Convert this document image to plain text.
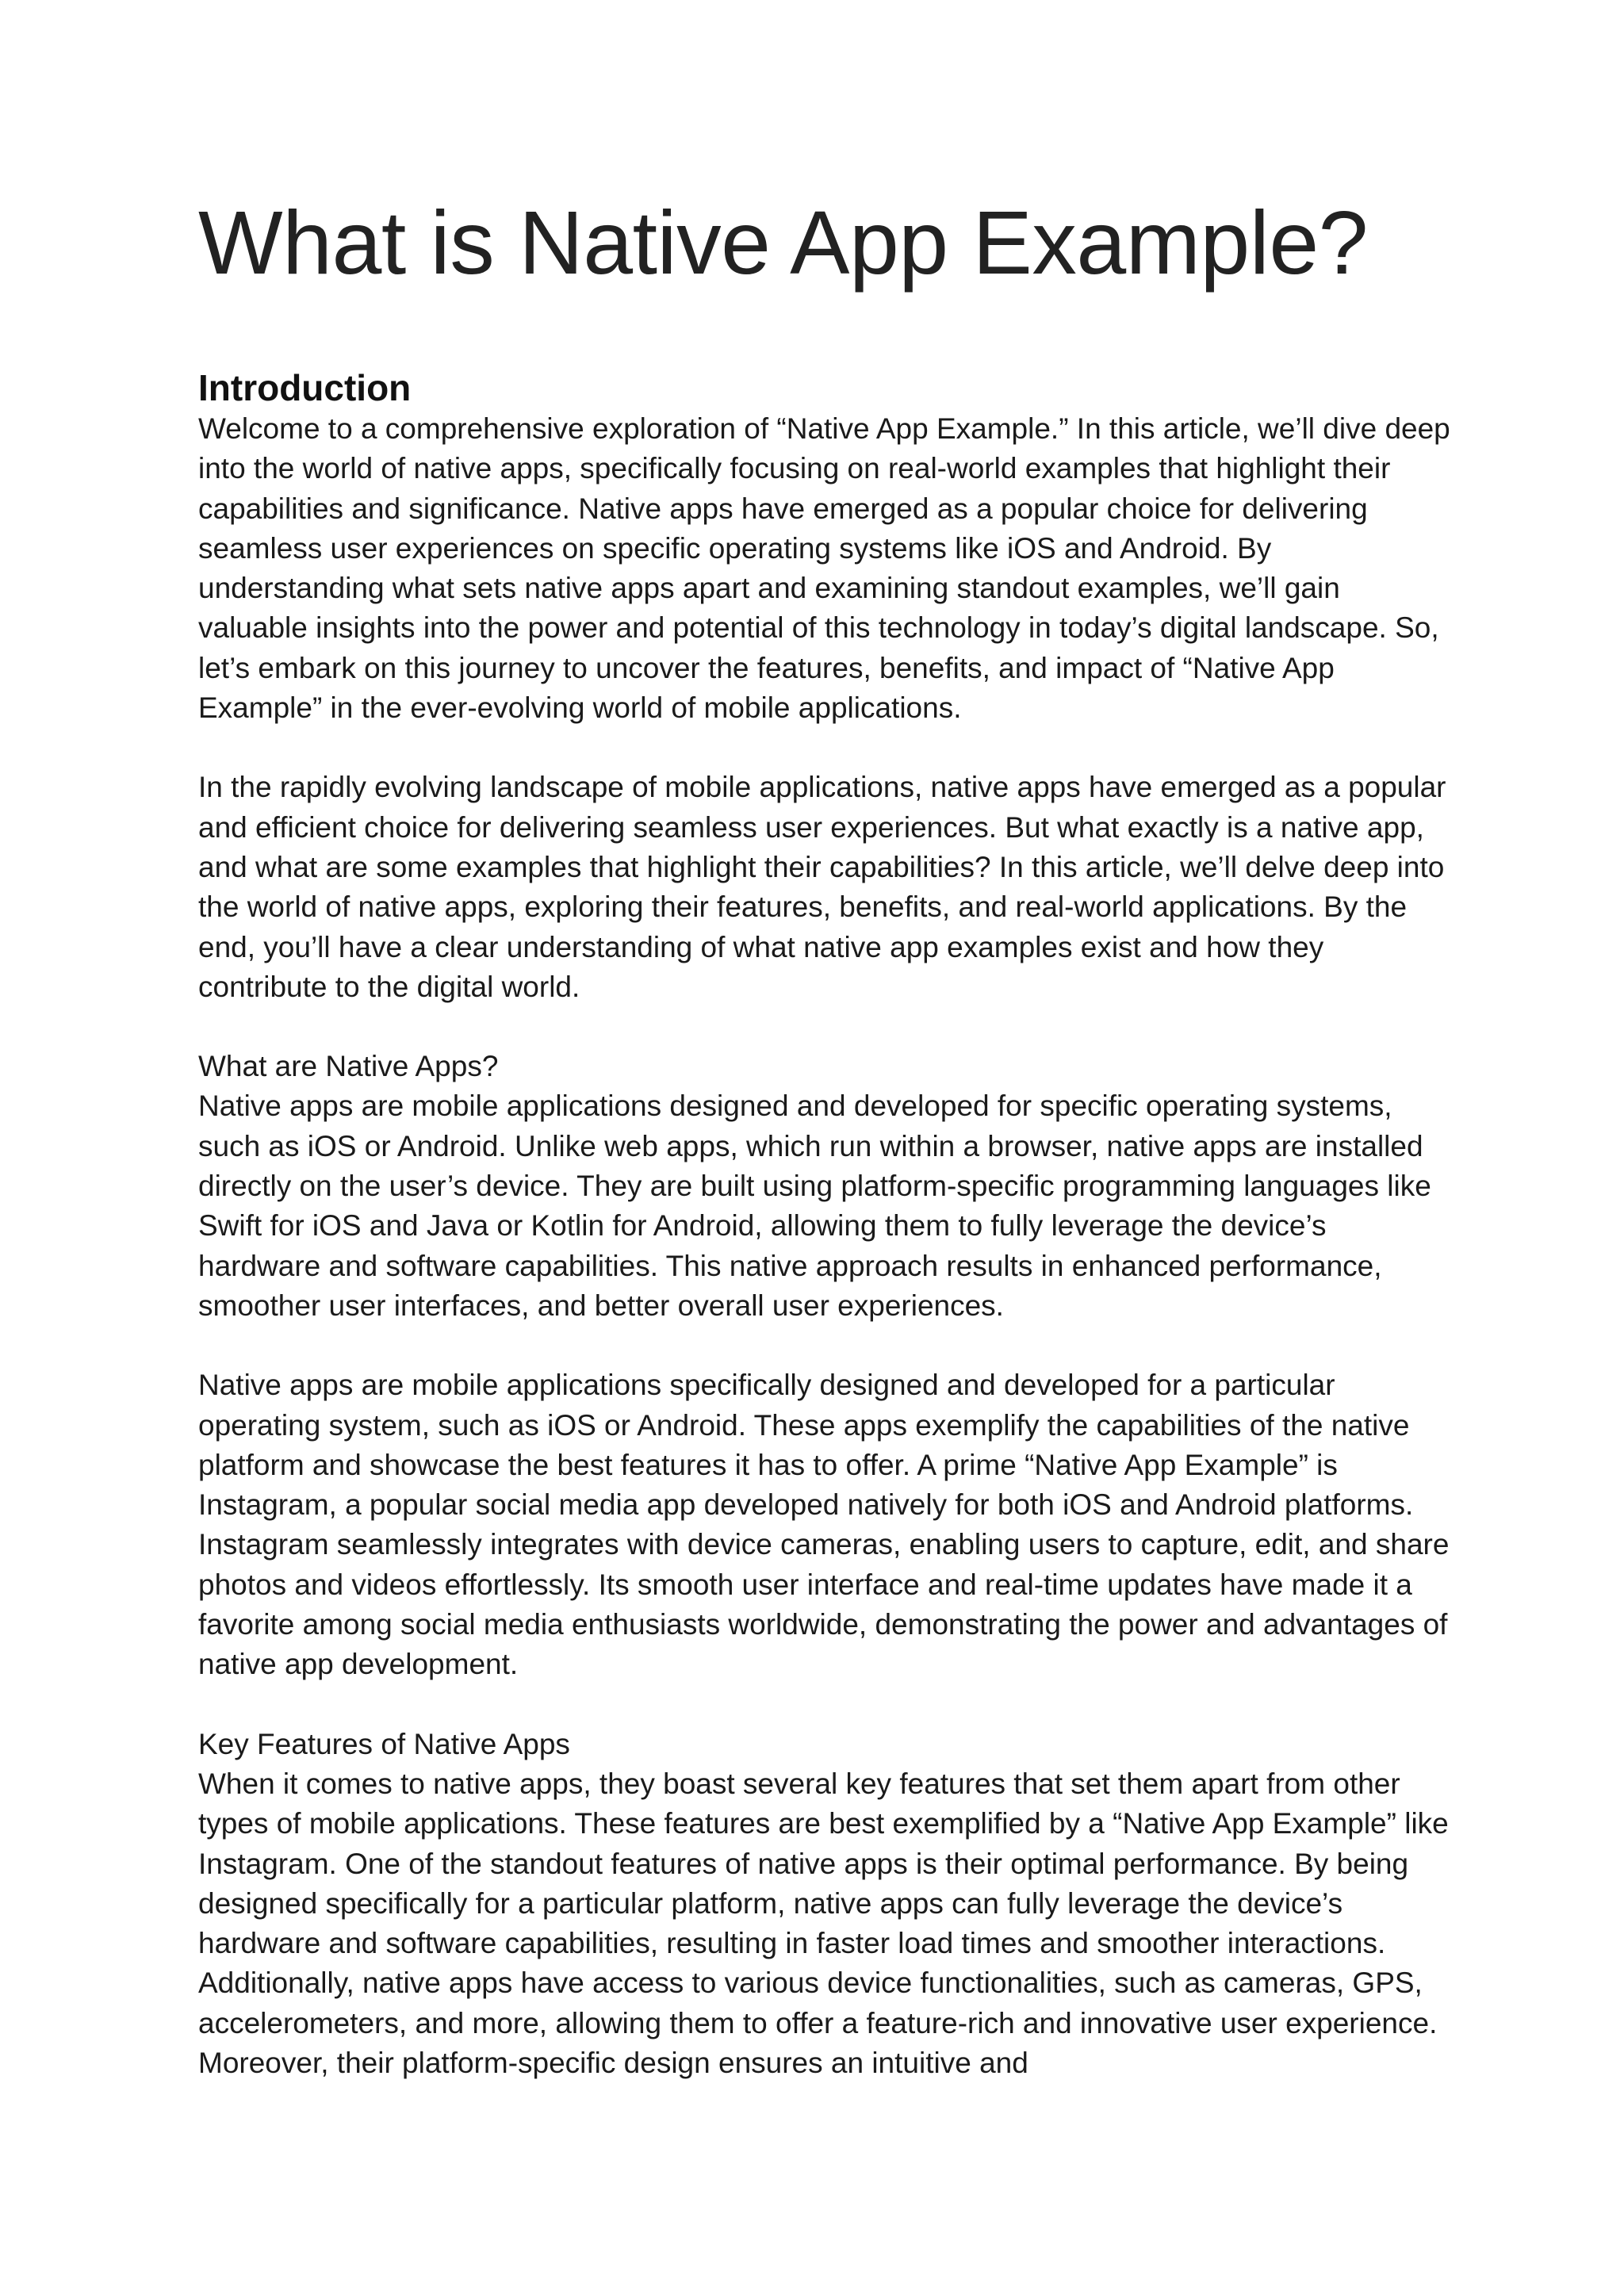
What is Native App Example?
Introduction

Welcome to a comprehensive exploration of “Native App Example.” In this article, we’ll dive deep into the world of native apps, specifically focusing on real-world examples that highlight their capabilities and significance. Native apps have emerged as a popular choice for delivering seamless user experiences on specific operating systems like iOS and Android. By understanding what sets native apps apart and examining standout examples, we’ll gain valuable insights into the power and potential of this technology in today’s digital landscape. So, let’s embark on this journey to uncover the features, benefits, and impact of “Native App Example” in the ever-evolving world of mobile applications.

In the rapidly evolving landscape of mobile applications, native apps have emerged as a popular and efficient choice for delivering seamless user experiences. But what exactly is a native app, and what are some examples that highlight their capabilities? In this article, we’ll delve deep into the world of native apps, exploring their features, benefits, and real-world applications. By the end, you’ll have a clear understanding of what native app examples exist and how they contribute to the digital world.

What are Native Apps?

Native apps are mobile applications designed and developed for specific operating systems, such as iOS or Android. Unlike web apps, which run within a browser, native apps are installed directly on the user’s device. They are built using platform-specific programming languages like Swift for iOS and Java or Kotlin for Android, allowing them to fully leverage the device’s hardware and software capabilities. This native approach results in enhanced performance, smoother user interfaces, and better overall user experiences.

Native apps are mobile applications specifically designed and developed for a particular operating system, such as iOS or Android. These apps exemplify the capabilities of the native platform and showcase the best features it has to offer. A prime “Native App Example” is Instagram, a popular social media app developed natively for both iOS and Android platforms. Instagram seamlessly integrates with device cameras, enabling users to capture, edit, and share photos and videos effortlessly. Its smooth user interface and real-time updates have made it a favorite among social media enthusiasts worldwide, demonstrating the power and advantages of native app development.

Key Features of Native Apps

When it comes to native apps, they boast several key features that set them apart from other types of mobile applications. These features are best exemplified by a “Native App Example” like Instagram. One of the standout features of native apps is their optimal performance. By being designed specifically for a particular platform, native apps can fully leverage the device’s hardware and software capabilities, resulting in faster load times and smoother interactions. Additionally, native apps have access to various device functionalities, such as cameras, GPS, accelerometers, and more, allowing them to offer a feature-rich and innovative user experience. Moreover, their platform-specific design ensures an intuitive and
